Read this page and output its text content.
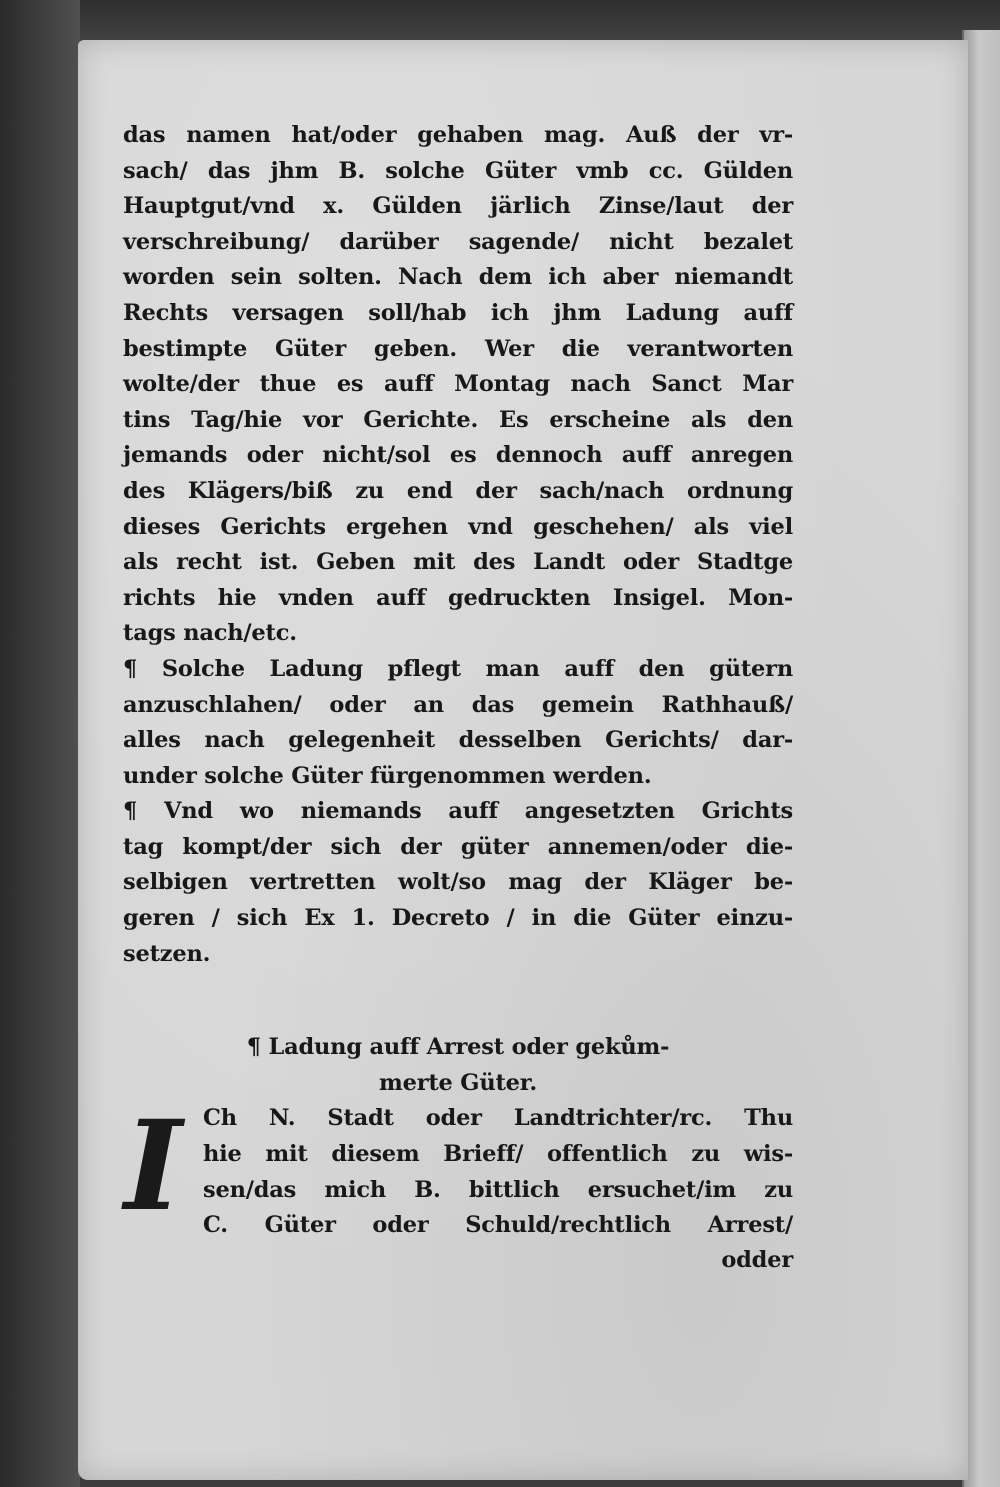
das namen hat/oder gehaben mag. Auß der vr-
sach/ das jhm B. solche Güter vmb cc. Gülden
Hauptgut/vnd x. Gülden järlich Zinse/laut der
verschreibung/ darüber sagende/ nicht bezalet
worden sein solten. Nach dem ich aber niemandt
Rechts versagen soll/hab ich jhm Ladung auff
bestimpte Güter geben. Wer die verantworten
wolte/der thue es auff Montag nach Sanct Mar
tins Tag/hie vor Gerichte. Es erscheine als den
jemands oder nicht/sol es dennoch auff anregen
des Klägers/biß zu end der sach/nach ordnung
dieses Gerichts ergehen vnd geschehen/ als viel
als recht ist. Geben mit des Landt oder Stadtge
richts hie vnden auff gedruckten Insigel. Mon-
tags nach/etc.
¶ Solche Ladung pflegt man auff den gütern
anzuschlahen/ oder an das gemein Rathhauß/
alles nach gelegenheit desselben Gerichts/ dar-
under solche Güter fürgenommen werden.
¶ Vnd wo niemands auff angesetzten Grichts
tag kompt/der sich der güter annemen/oder die-
selbigen vertretten wolt/so mag der Kläger be-
geren / sich Ex 1. Decreto / in die Güter einzu-
setzen.
¶ Ladung auff Arrest oder gekům-
merte Güter.
I Ch N. Stadt oder Landtrichter/rc. Thu
hie mit diesem Brieff/ offentlich zu wis-
sen/das mich B. bittlich ersuchet/im zu
C. Güter oder Schuld/rechtlich Arrest/
odder
